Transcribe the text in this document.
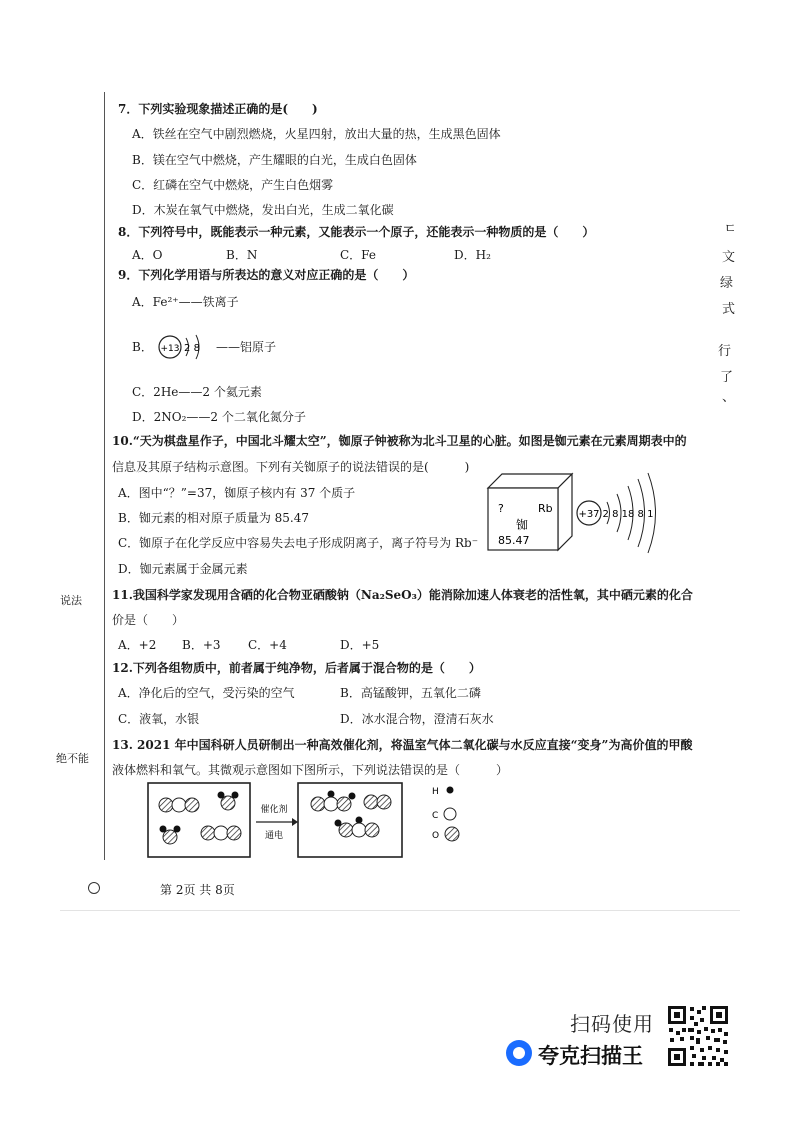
说法
绝不能
ㄷ
文
绿
式
行
了
、
7．下列实验现象描述正确的是(　　)
A．铁丝在空气中剧烈燃烧，火星四射，放出大量的热，生成黑色固体
B．镁在空气中燃烧，产生耀眼的白光，生成白色固体
C．红磷在空气中燃烧，产生白色烟雾
D．木炭在氧气中燃烧，发出白光，生成二氧化碳
8．下列符号中，既能表示一种元素，又能表示一个原子，还能表示一种物质的是（　　）
A．O	B．N	C．Fe	D．H₂
9．下列化学用语与所表达的意义对应正确的是（　　）
A．Fe²⁺——铁离子
B． +13 2 8 ——铝原子
C．2He——2 个氦元素
D．2NO₂——2 个二氧化氮分子
10.“天为棋盘星作子，中国北斗耀太空”，铷原子钟被称为北斗卫星的心脏。如图是铷元素在元素周期表中的
信息及其原子结构示意图。下列有关铷原子的说法错误的是(　　　)
A．图中“？”=37，铷原子核内有 37 个质子
B．铷元素的相对原子质量为 85.47
C．铷原子在化学反应中容易失去电子形成阴离子，离子符号为 Rb⁻
D．铷元素属于金属元素
?	Rb
铷
85.47
+37 2 8 18 8 1
11.我国科学家发现用含硒的化合物亚硒酸钠（Na₂SeO₃）能消除加速人体衰老的活性氧，其中硒元素的化合
价是（　　）
A．+2 B．+3 C．+4	D．+5
12.下列各组物质中，前者属于纯净物，后者属于混合物的是（　　）
A．净化后的空气，受污染的空气	B．高锰酸钾，五氧化二磷
C．液氧，水银	D．冰水混合物，澄清石灰水
13. 2021 年中国科研人员研制出一种高效催化剂，将温室气体二氧化碳与水反应直接“变身”为高价值的甲酸
液体燃料和氧气。其微观示意图如下图所示，下列说法错误的是（　　　）
催化剂
通电
H
C
O
第 2页 共 8页
扫码使用
夸克扫描王
